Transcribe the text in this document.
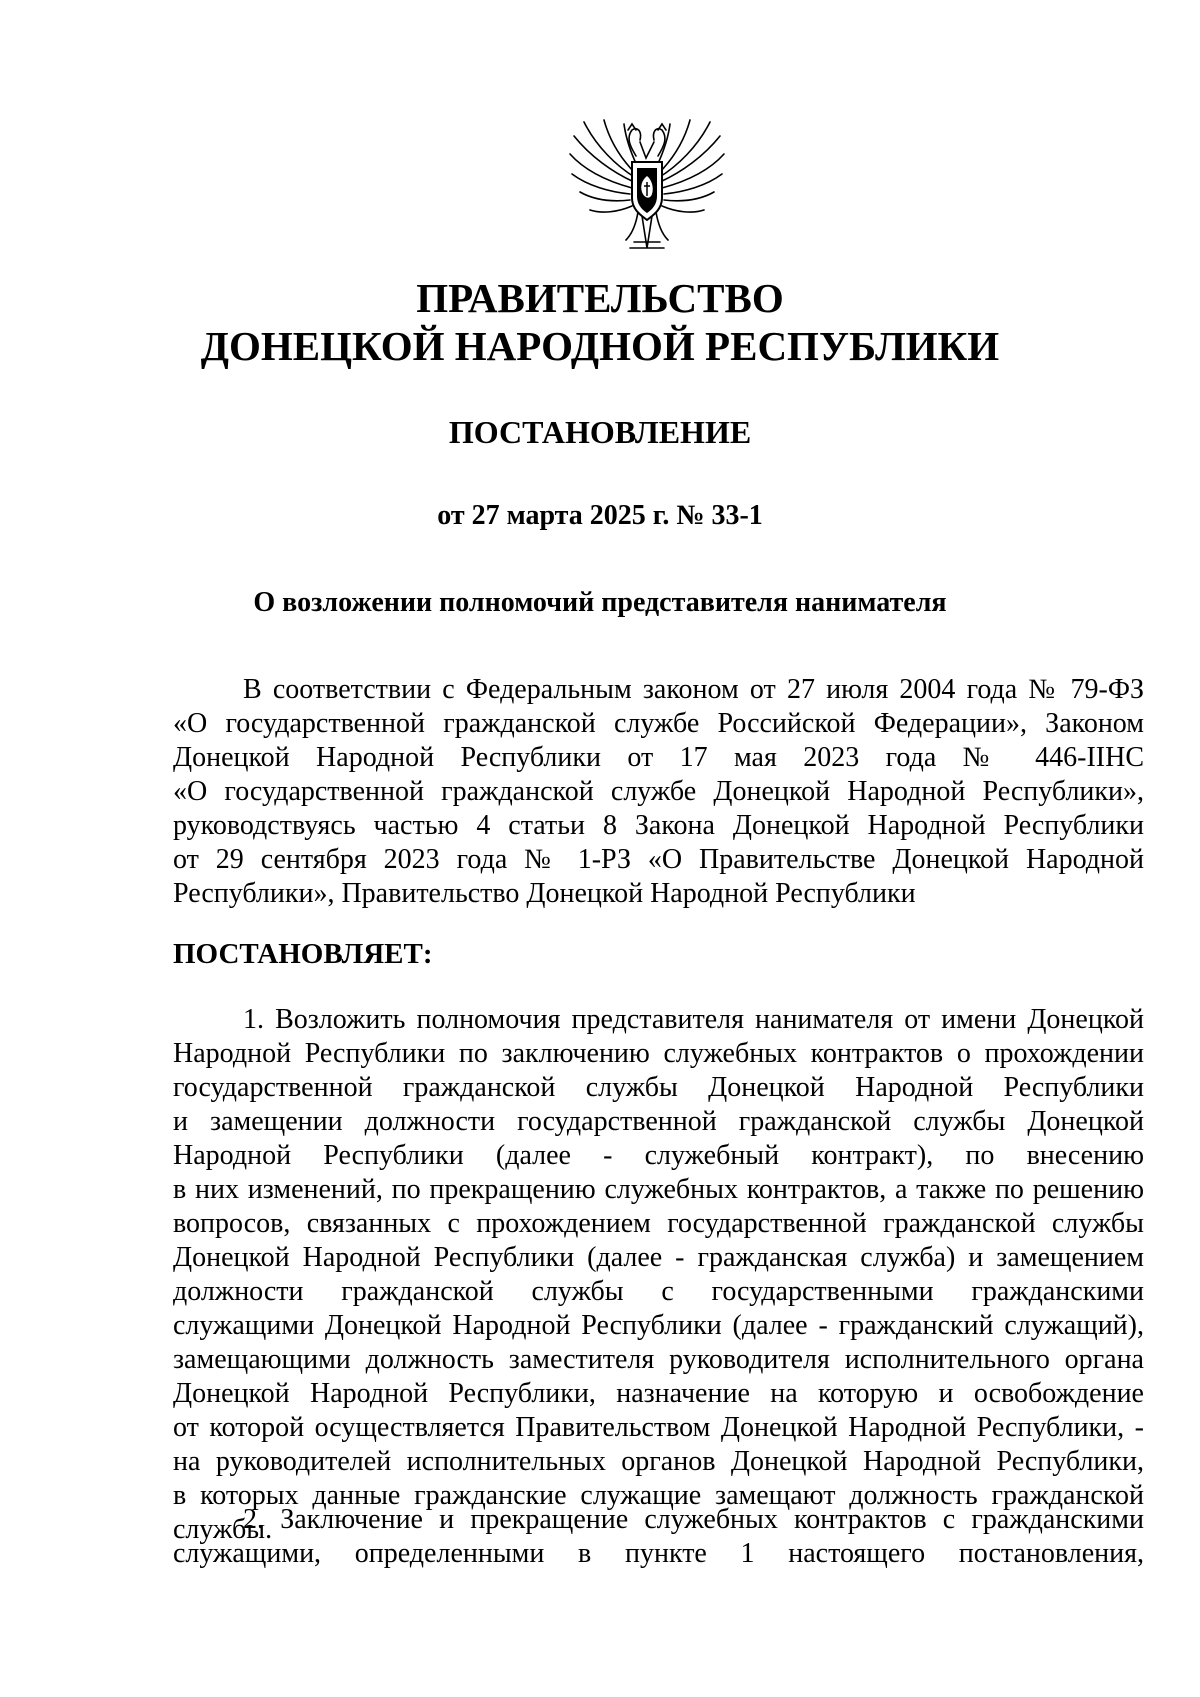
ПРАВИТЕЛЬСТВО

ДОНЕЦКОЙ НАРОДНОЙ РЕСПУБЛИКИ

ПОСТАНОВЛЕНИЕ

от 27 марта 2025 г. № 33-1

О возложении полномочий представителя нанимателя

В соответствии с Федеральным законом от 27 июля 2004 года № 79-ФЗ
«О государственной гражданской службе Российской Федерации», Законом
Донецкой Народной Республики от 17 мая 2023 года № 446-IIНС
«О государственной гражданской службе Донецкой Народной Республики»,
руководствуясь частью 4 статьи 8 Закона Донецкой Народной Республики
от 29 сентября 2023 года № 1-РЗ «О Правительстве Донецкой Народной
Республики», Правительство Донецкой Народной Республики
ПОСТАНОВЛЯЕТ:
1. Возложить полномочия представителя нанимателя от имени Донецкой
Народной Республики по заключению служебных контрактов о прохождении
государственной гражданской службы Донецкой Народной Республики
и замещении должности государственной гражданской службы Донецкой
Народной Республики (далее - служебный контракт), по внесению
в них изменений, по прекращению служебных контрактов, а также по решению
вопросов, связанных с прохождением государственной гражданской службы
Донецкой Народной Республики (далее - гражданская служба) и замещением
должности гражданской службы с государственными гражданскими
служащими Донецкой Народной Республики (далее - гражданский служащий),
замещающими должность заместителя руководителя исполнительного органа
Донецкой Народной Республики, назначение на которую и освобождение
от которой осуществляется Правительством Донецкой Народной Республики, -
на руководителей исполнительных органов Донецкой Народной Республики,
в которых данные гражданские служащие замещают должность гражданской
службы.
2. Заключение и прекращение служебных контрактов с гражданскими
служащими, определенными в пункте 1 настоящего постановления,
